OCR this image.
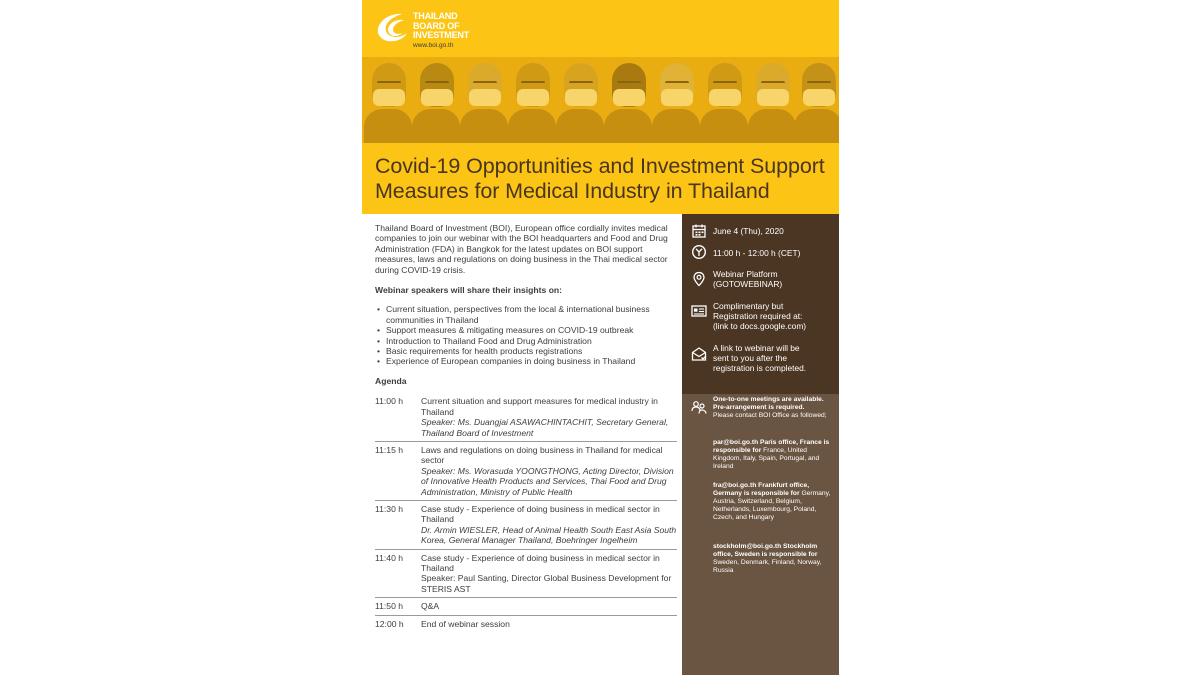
THAILAND
BOARD OF
INVESTMENT
www.boi.go.th
Covid-19 Opportunities and Investment Support
Measures for Medical Industry in Thailand

Thailand Board of Investment (BOI), European office cordially invites medical companies to join our webinar with the BOI headquarters and Food and Drug Administration (FDA) in Bangkok for the latest updates on BOI support measures, laws and regulations on doing business in the Thai medical sector during COVID-19 crisis.

Webinar speakers will share their insights on:

• Current situation, perspectives from the local & international business communities in Thailand
• Support measures & mitigating measures on COVID-19 outbreak
• Introduction to Thailand Food and Drug Administration
• Basic requirements for health products registrations
• Experience of European companies in doing business in Thailand

Agenda

11:00 h Current situation and support measures for medical industry in Thailand
Speaker: Ms. Duangjai ASAWACHINTACHIT, Secretary General, Thailand Board of Investment
11:15 h Laws and regulations on doing business in Thailand for medical sector
Speaker: Ms. Worasuda YOONGTHONG, Acting Director, Division of Innovative Health Products and Services, Thai Food and Drug Administration, Ministry of Public Health
11:30 h Case study - Experience of doing business in medical sector in Thailand
Dr. Armin WIESLER, Head of Animal Health South East Asia South Korea, General Manager Thailand, Boehringer Ingelheim
11:40 h Case study - Experience of doing business in medical sector in Thailand
Speaker: Paul Santing, Director Global Business Development for STERIS AST
11:50 h Q&A
12:00 h End of webinar session
June 4 (Thu), 2020
11:00 h - 12:00 h (CET)
Webinar Platform
(GOTOWEBINAR)
Complimentary but
Registration required at:
(link to docs.google.com)
A link to webinar will be
sent to you after the
registration is completed.
One-to-one meetings are available.
Pre-arrangement is required.
Please contact BOI Office as followed;
par@boi.go.th Paris office, France is responsible for France, United Kingdom, Italy, Spain, Portugal, and Ireland
fra@boi.go.th Frankfurt office, Germany is responsible for Germany, Austria, Switzerland, Belgium, Netherlands, Luxembourg, Poland, Czech, and Hungary
stockholm@boi.go.th Stockholm office, Sweden is responsible for Sweden, Denmark, Finland, Norway, Russia
